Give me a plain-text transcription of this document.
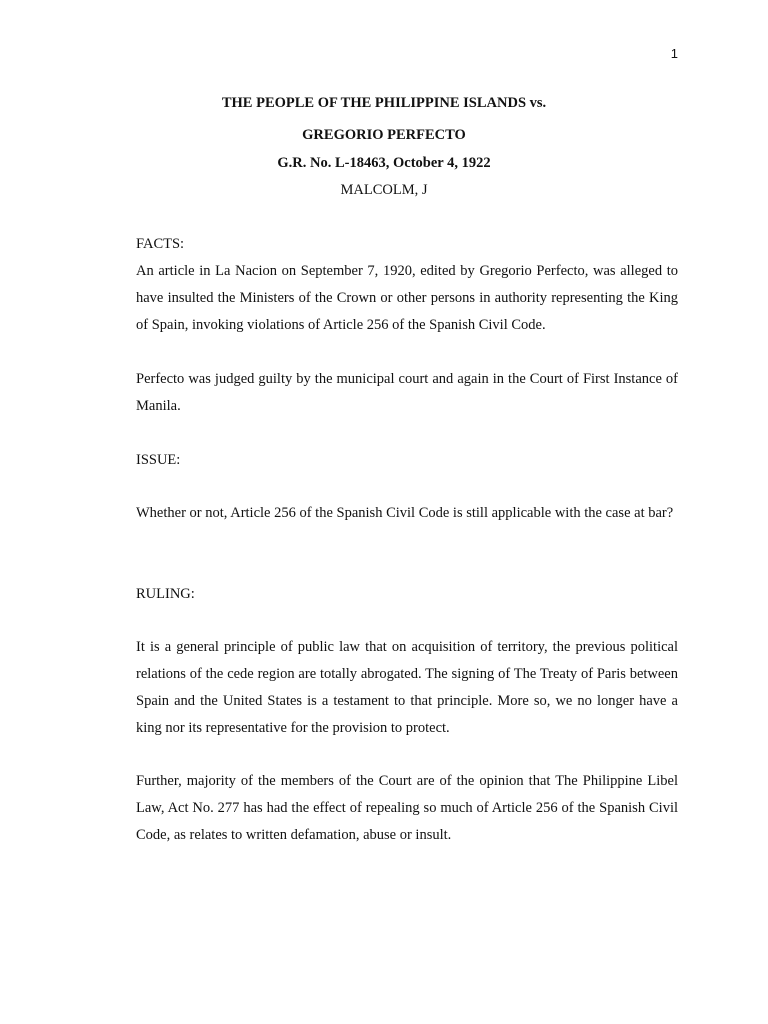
1
THE PEOPLE OF THE PHILIPPINE ISLANDS vs.
GREGORIO PERFECTO
G.R. No. L-18463, October 4, 1922
MALCOLM, J
FACTS:
An article in La Nacion on September 7, 1920, edited by Gregorio Perfecto, was alleged to have insulted the Ministers of the Crown or other persons in authority representing the King of Spain, invoking violations of Article 256 of the Spanish Civil Code.
Perfecto was judged guilty by the municipal court and again in the Court of First Instance of Manila.
ISSUE:
Whether or not, Article 256 of the Spanish Civil Code is still applicable with the case at bar?
RULING:
It is a general principle of public law that on acquisition of territory, the previous political relations of the cede region are totally abrogated. The signing of The Treaty of Paris between Spain and the United States is a testament to that principle. More so, we no longer have a king nor its representative for the provision to protect.
Further, majority of the members of the Court are of the opinion that The Philippine Libel Law, Act No. 277 has had the effect of repealing so much of Article 256 of the Spanish Civil Code, as relates to written defamation, abuse or insult.
